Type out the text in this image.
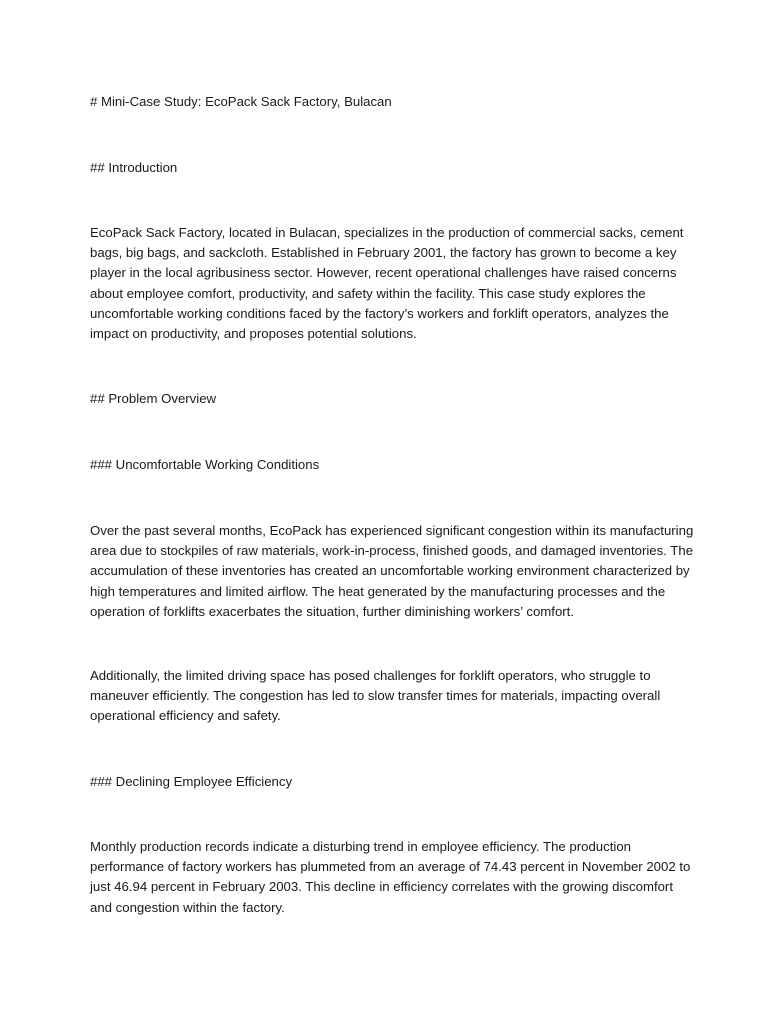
# Mini-Case Study: EcoPack Sack Factory, Bulacan
## Introduction
EcoPack Sack Factory, located in Bulacan, specializes in the production of commercial sacks, cement
bags, big bags, and sackcloth. Established in February 2001, the factory has grown to become a key
player in the local agribusiness sector. However, recent operational challenges have raised concerns
about employee comfort, productivity, and safety within the facility. This case study explores the
uncomfortable working conditions faced by the factory’s workers and forklift operators, analyzes the
impact on productivity, and proposes potential solutions.
## Problem Overview
### Uncomfortable Working Conditions
Over the past several months, EcoPack has experienced significant congestion within its manufacturing
area due to stockpiles of raw materials, work-in-process, finished goods, and damaged inventories. The
accumulation of these inventories has created an uncomfortable working environment characterized by
high temperatures and limited airflow. The heat generated by the manufacturing processes and the
operation of forklifts exacerbates the situation, further diminishing workers’ comfort.
Additionally, the limited driving space has posed challenges for forklift operators, who struggle to
maneuver efficiently. The congestion has led to slow transfer times for materials, impacting overall
operational efficiency and safety.
### Declining Employee Efficiency
Monthly production records indicate a disturbing trend in employee efficiency. The production
performance of factory workers has plummeted from an average of 74.43 percent in November 2002 to
just 46.94 percent in February 2003. This decline in efficiency correlates with the growing discomfort
and congestion within the factory.
